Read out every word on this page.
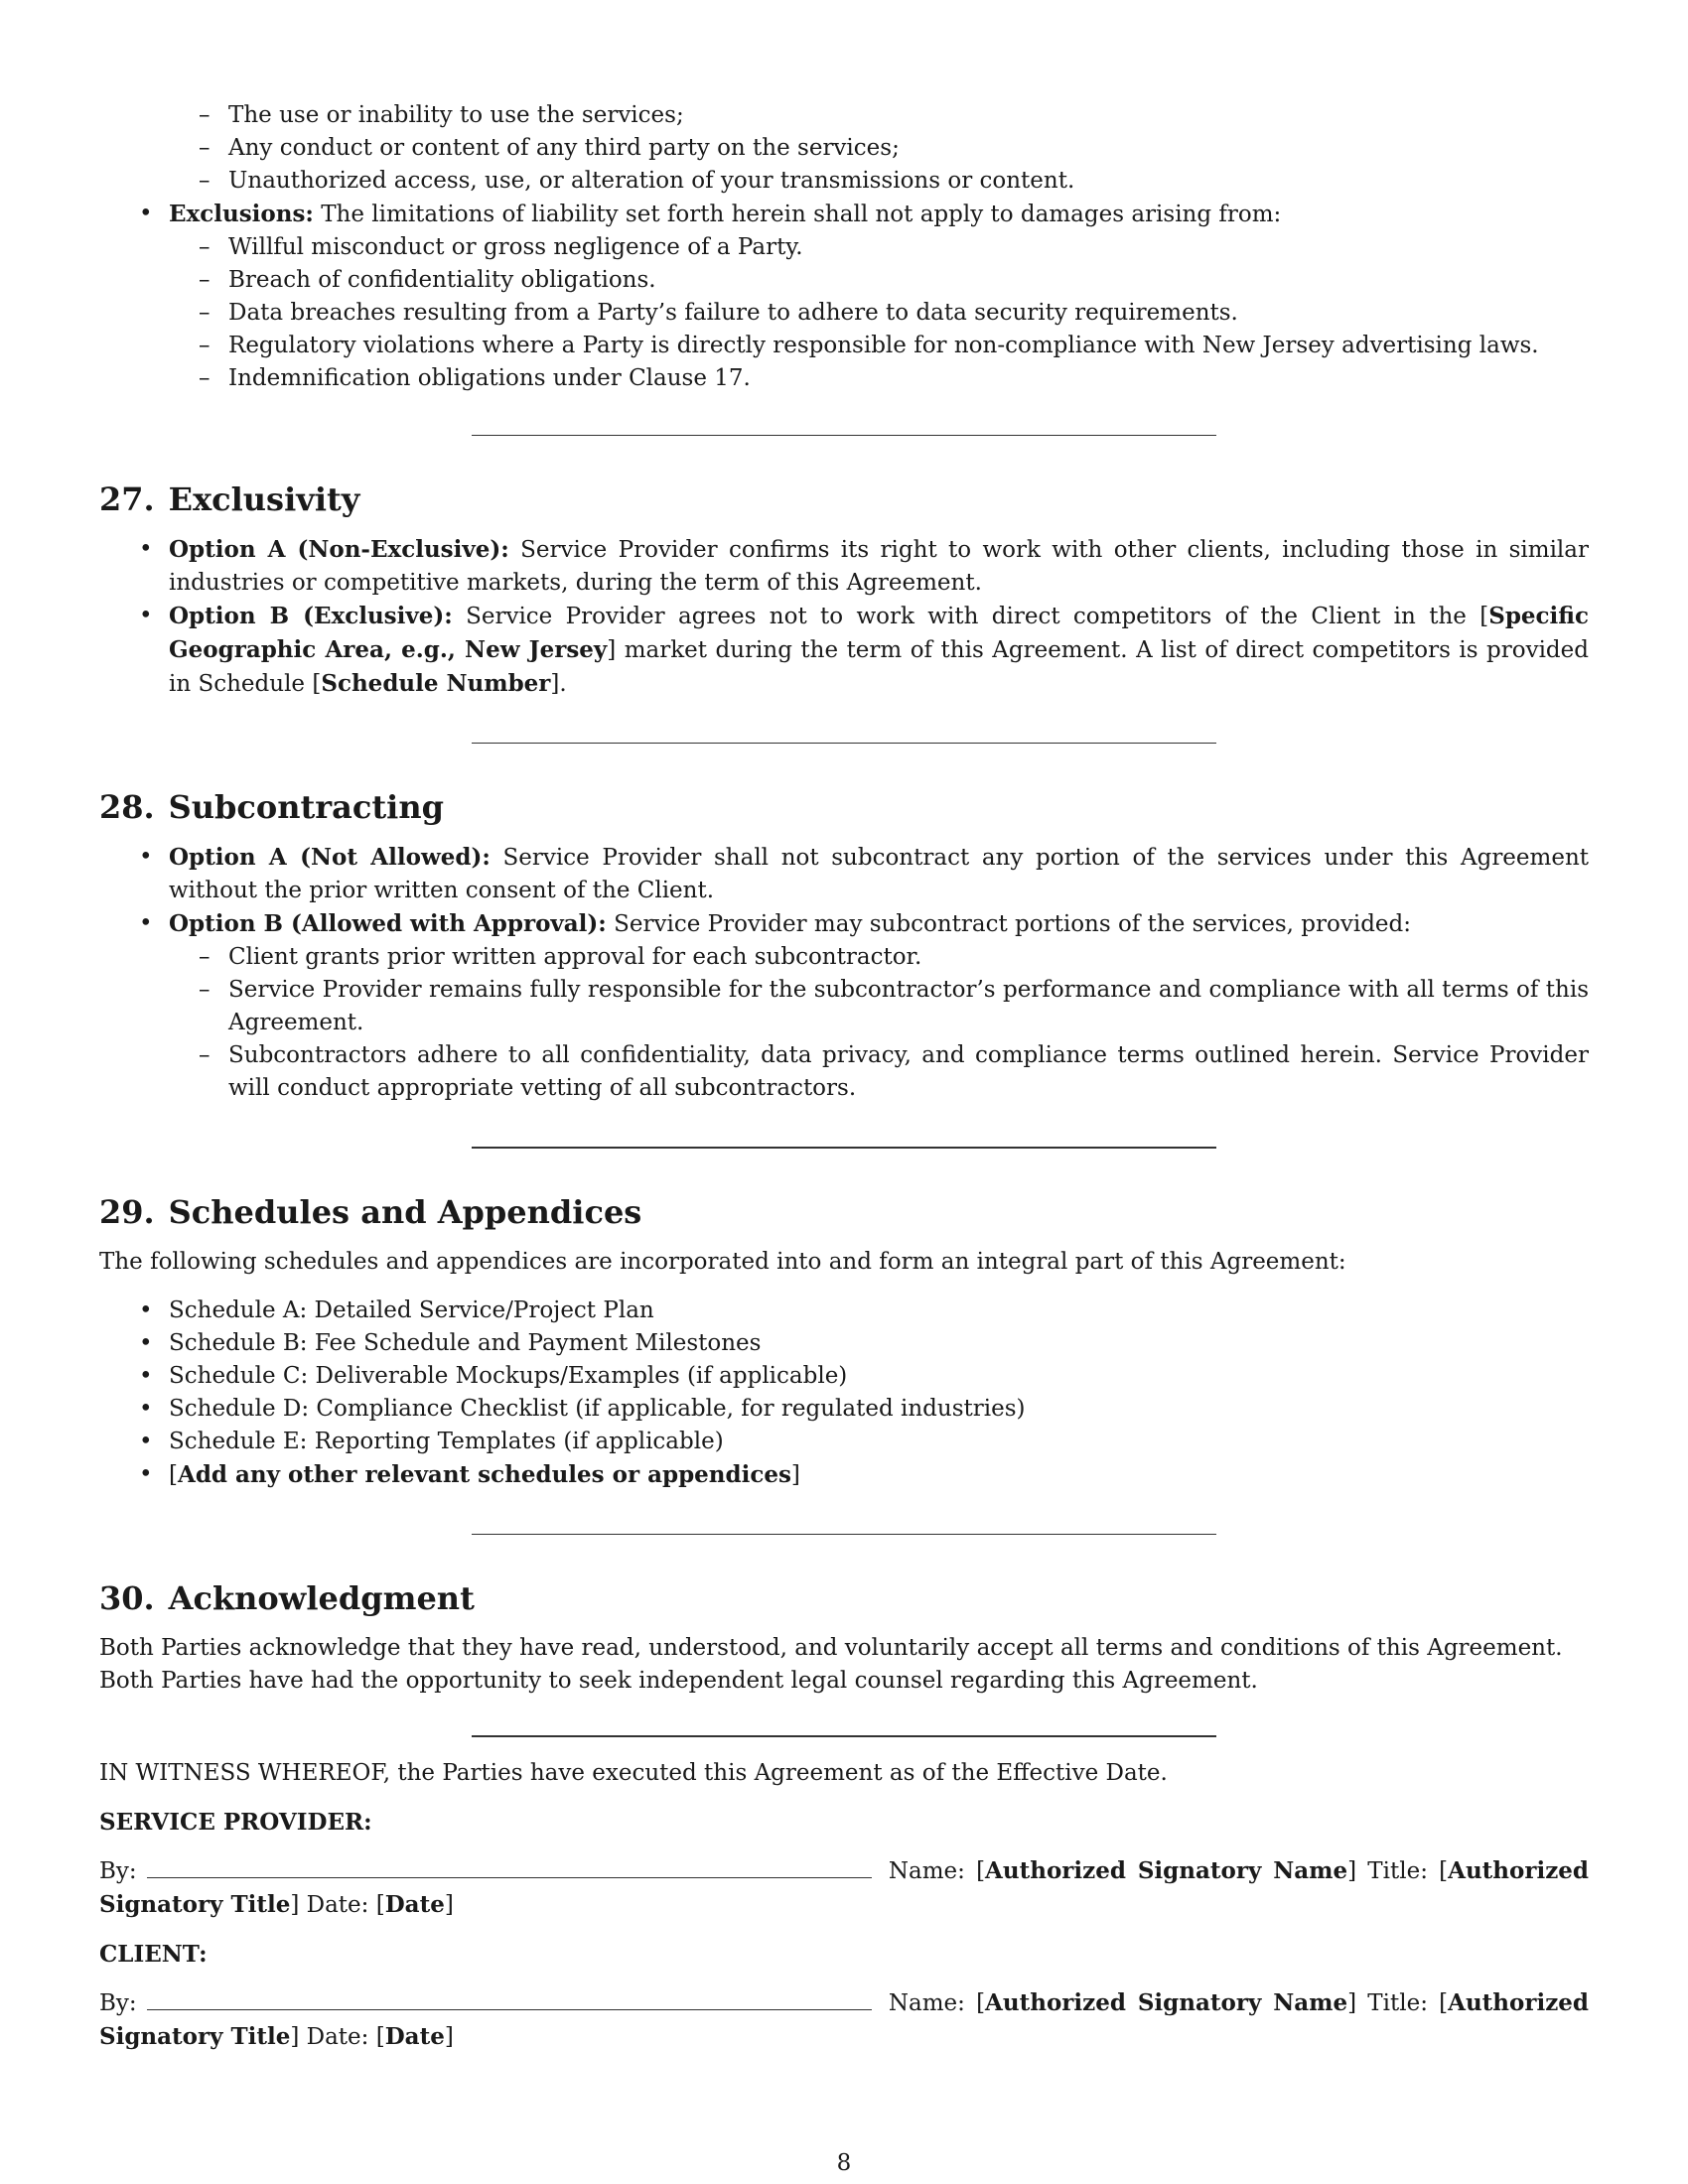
– The use or inability to use the services;
– Any conduct or content of any third party on the services;
– Unauthorized access, use, or alteration of your transmissions or content.
• Exclusions: The limitations of liability set forth herein shall not apply to damages arising from:
– Willful misconduct or gross negligence of a Party.
– Breach of confidentiality obligations.
– Data breaches resulting from a Party’s failure to adhere to data security requirements.
– Regulatory violations where a Party is directly responsible for non-compliance with New Jersey advertising laws.
– Indemnification obligations under Clause 17.
27. Exclusivity
• Option A (Non-Exclusive): Service Provider confirms its right to work with other clients, including those in similar industries or competitive markets, during the term of this Agreement.
• Option B (Exclusive): Service Provider agrees not to work with direct competitors of the Client in the [Specific Geographic Area, e.g., New Jersey] market during the term of this Agreement. A list of direct competitors is provided in Schedule [Schedule Number].
28. Subcontracting
• Option A (Not Allowed): Service Provider shall not subcontract any portion of the services under this Agreement without the prior written consent of the Client.
• Option B (Allowed with Approval): Service Provider may subcontract portions of the services, provided:
– Client grants prior written approval for each subcontractor.
– Service Provider remains fully responsible for the subcontractor’s performance and compliance with all terms of this Agreement.
– Subcontractors adhere to all confidentiality, data privacy, and compliance terms outlined herein. Service Provider will conduct appropriate vetting of all subcontractors.
29. Schedules and Appendices

The following schedules and appendices are incorporated into and form an integral part of this Agreement:

• Schedule A: Detailed Service/Project Plan
• Schedule B: Fee Schedule and Payment Milestones
• Schedule C: Deliverable Mockups/Examples (if applicable)
• Schedule D: Compliance Checklist (if applicable, for regulated industries)
• Schedule E: Reporting Templates (if applicable)
• [Add any other relevant schedules or appendices]
30. Acknowledgment

Both Parties acknowledge that they have read, understood, and voluntarily accept all terms and conditions of this Agreement. Both Parties have had the opportunity to seek independent legal counsel regarding this Agreement.

IN WITNESS WHEREOF, the Parties have executed this Agreement as of the Effective Date.

SERVICE PROVIDER:

By:	Name: [Authorized Signatory Name] Title: [Authorized Signatory Title] Date: [Date]

CLIENT:

By:	Name: [Authorized Signatory Name] Title: [Authorized Signatory Title] Date: [Date]

8
